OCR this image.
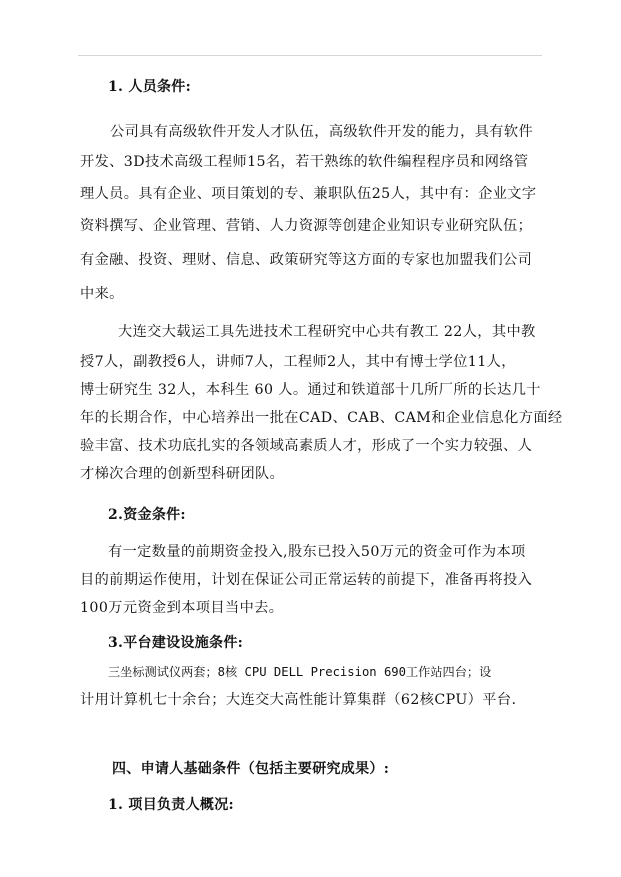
1. 人员条件:
公司具有高级软件开发人才队伍，高级软件开发的能力，具有软件
开发、3D技术高级工程师15名，若干熟练的软件编程程序员和网络管
理人员。具有企业、项目策划的专、兼职队伍25人，其中有：企业文字
资料撰写、企业管理、营销、人力资源等创建企业知识专业研究队伍；
有金融、投资、理财、信息、政策研究等这方面的专家也加盟我们公司
中来。
大连交大载运工具先进技术工程研究中心共有教工 22人，其中教
授7人，副教授6人，讲师7人，工程师2人，其中有博士学位11人，
博士研究生 32人，本科生 60 人。通过和铁道部十几所厂所的长达几十
年的长期合作，中心培养出一批在CAD、CAB、CAM和企业信息化方面经
验丰富、技术功底扎实的各领域高素质人才，形成了一个实力较强、人
才梯次合理的创新型科研团队。
2.资金条件:
有一定数量的前期资金投入,股东已投入50万元的资金可作为本项
目的前期运作使用，计划在保证公司正常运转的前提下，准备再将投入
100万元资金到本项目当中去。
3.平台建设设施条件:
三坐标测试仪两套；8核 CPU DELL Precision 690工作站四台；设
计用计算机七十余台；大连交大高性能计算集群（62核CPU）平台.
四、申请人基础条件（包括主要研究成果）:
1. 项目负责人概况:
